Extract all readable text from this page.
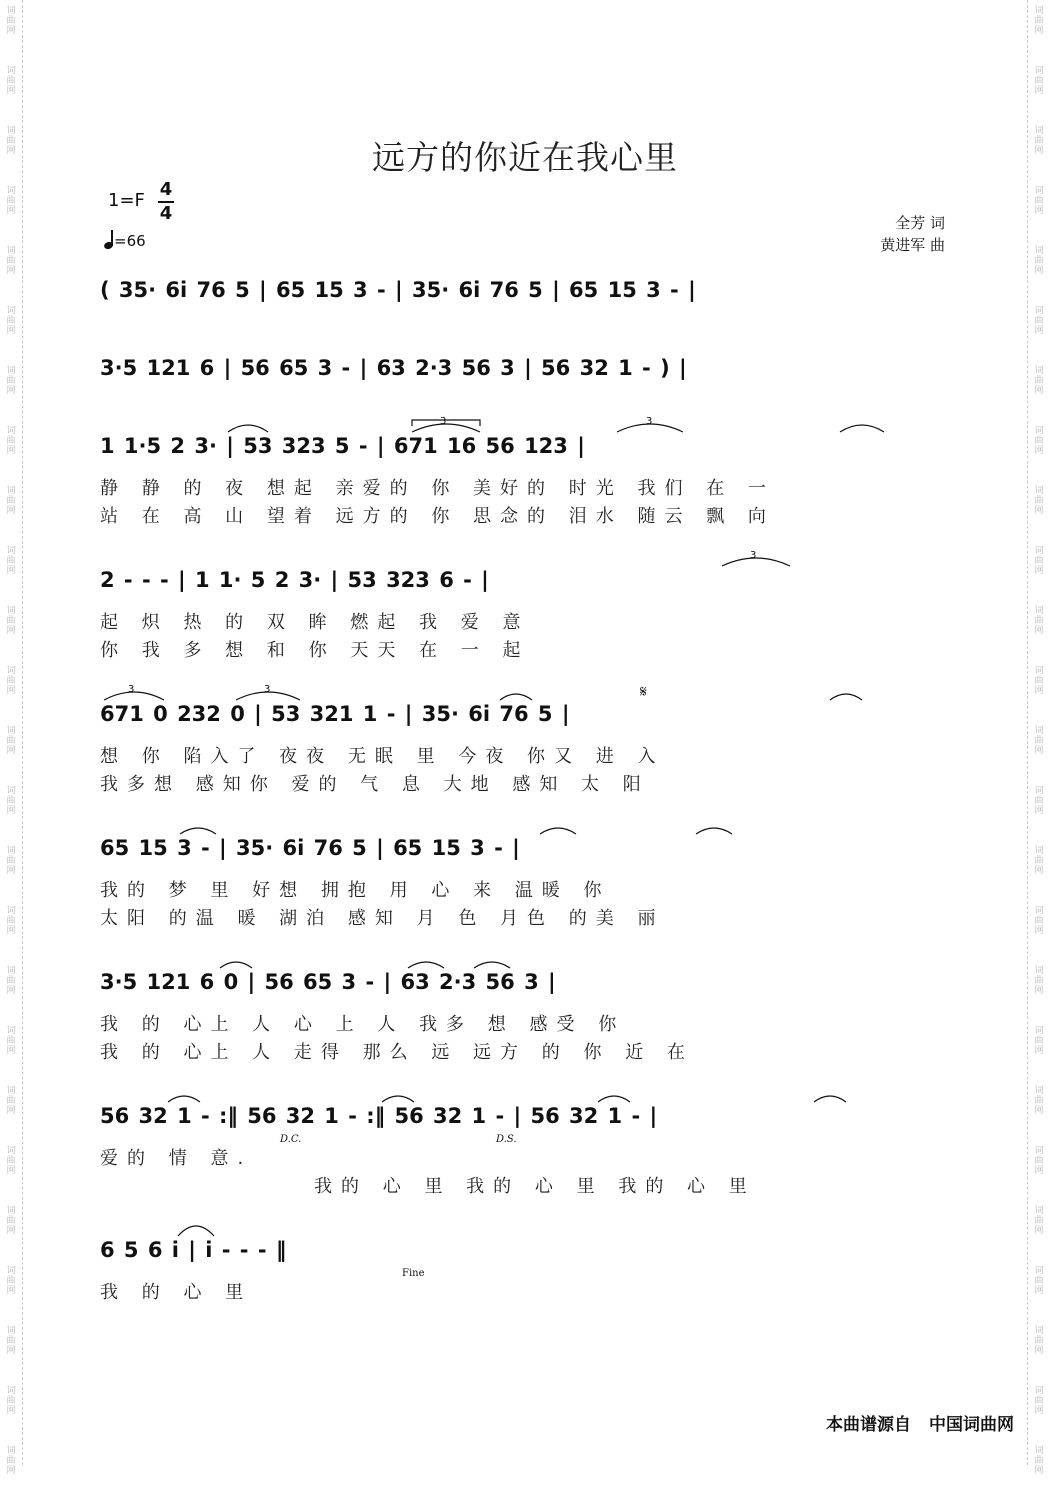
词
曲
网
词
曲
网
词
曲
网
词
曲
网
词
曲
网
词
曲
网
词
曲
网
词
曲
网
词
曲
网
词
曲
网
词
曲
网
词
曲
网
词
曲
网
词
曲
网
词
曲
网
词
曲
网
词
曲
网
词
曲
网
词
曲
网
词
曲
网
词
曲
网
词
曲
网
词
曲
网
词
曲
网
词
曲
网
词
曲
网
词
曲
网
词
曲
网
词
曲
网
词
曲
网
词
曲
网
词
曲
网
词
曲
网
词
曲
网
词
曲
网
词
曲
网
词
曲
网
词
曲
网
词
曲
网
词
曲
网
词
曲
网
词
曲
网
词
曲
网
词
曲
网
词
曲
网
词
曲
网
词
曲
网
词
曲
网
词
曲
网
词
曲
网
远方的你近在我心里
1=F
4
4
=66
全芳 词
黄进军 曲
( 35· 6i 76 5 | 65 15 3 - | 35· 6i 76 5 | 65 15 3 - |
3·5 121 6 | 56 65 3 - | 63 2·3 56 3 | 56 32 1 - ) |
1 1·5 2 3· | 53 323 5 - | 671 16 56 123 |
静 静 的 夜 想起 亲爱的 你 美好的 时光 我们 在 一
站 在 高 山 望着 远方的 你 思念的 泪水 随云 飘 向
2 - - - | 1 1· 5 2 3· | 53 323 6 - |
起 炽 热 的 双 眸 燃起 我 爱 意
你 我 多 想 和 你 天天 在 一 起
671 0 232 0 | 53 321 1 - | 35· 6i 76 5 |
想 你 陷入了 夜夜 无眠 里 今夜 你又 进 入
我多想 感知你 爱的 气 息 大地 感知 太 阳
65 15 3 - | 35· 6i 76 5 | 65 15 3 - |
我的 梦 里 好想 拥抱 用 心 来 温暖 你
太阳 的温 暖 湖泊 感知 月 色 月色 的美 丽
3·5 121 6 0 | 56 65 3 - | 63 2·3 56 3 |
我 的 心上 人 心 上 人 我多 想 感受 你
我 的 心上 人 走得 那么 远 远方 的 你 近 在
56 32 1 - :‖ 56 32 1 - :‖ 56 32 1 - | 56 32 1 - |
D.C.	D.S.
爱的 情 意.
我的 心 里 我的 心 里 我的 心 里
6 5 6 i | i - - - ‖
Fine
我 的 心 里
𝄋
3	3
3
3	3
本曲谱源自 中国词曲网
